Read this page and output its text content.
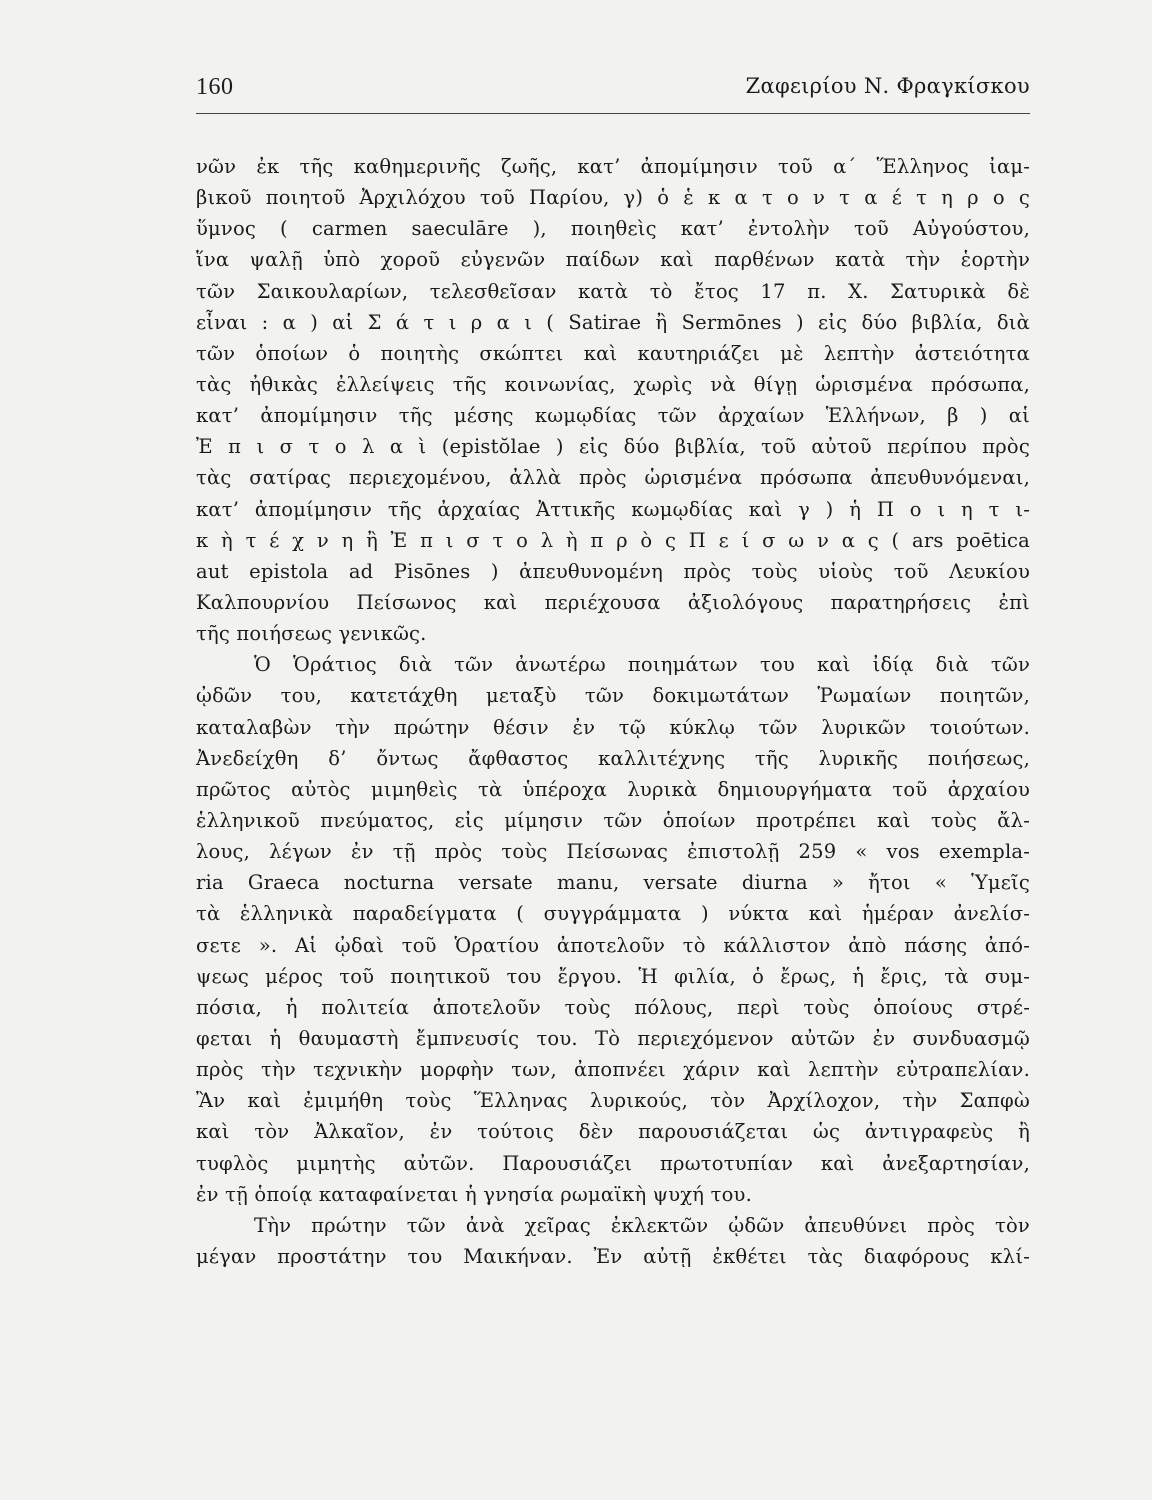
160	Ζαφειρίου Ν. Φραγκίσκου
νῶν ἐκ τῆς καθημερινῆς ζωῆς, κατ’ ἀπομίμησιν τοῦ α΄ Ἕλληνος ἰαμ-
βικοῦ ποιητοῦ Ἀρχιλόχου τοῦ Παρίου, γ) ὁ ἑ κ α τ ο ν τ α έ τ η ρ ο ς
ὕμνος ( carmen saeculāre ), ποιηθεὶς κατ’ ἐντολὴν τοῦ Αὐγούστου,
ἵνα ψαλῇ ὑπὸ χοροῦ εὐγενῶν παίδων καὶ παρθένων κατὰ τὴν ἑορτὴν
τῶν Σαικουλαρίων, τελεσθεῖσαν κατὰ τὸ ἔτος 17 π. Χ. Σατυρικὰ δὲ
εἶναι : α ) αἱ Σ ά τ ι ρ α ι ( Satirae ἢ Sermōnes ) εἰς δύο βιβλία, διὰ
τῶν ὁποίων ὁ ποιητὴς σκώπτει καὶ καυτηριάζει μὲ λεπτὴν ἀστειότητα
τὰς ἠθικὰς ἐλλείψεις τῆς κοινωνίας, χωρὶς νὰ θίγῃ ὡρισμένα πρόσωπα,
κατ’ ἀπομίμησιν τῆς μέσης κωμῳδίας τῶν ἀρχαίων Ἑλλήνων, β ) αἱ
Ἐ π ι σ τ ο λ α ὶ (epistŏlae ) εἰς δύο βιβλία, τοῦ αὐτοῦ περίπου πρὸς
τὰς σατίρας περιεχομένου, ἀλλὰ πρὸς ὡρισμένα πρόσωπα ἀπευθυνόμεναι,
κατ’ ἀπομίμησιν τῆς ἀρχαίας Ἀττικῆς κωμῳδίας καὶ γ ) ἡ Π ο ι η τ ι-
κ ὴ τ έ χ ν η ἢ Ἐ π ι σ τ ο λ ὴ π ρ ὸ ς Π ε ί σ ω ν α ς ( ars poētica
aut epistola ad Pisōnes ) ἀπευθυνομένη πρὸς τοὺς υἱοὺς τοῦ Λευκίου
Καλπουρνίου Πείσωνος καὶ περιέχουσα ἀξιολόγους παρατηρήσεις ἐπὶ
τῆς ποιήσεως γενικῶς.
Ὁ Ὁράτιος διὰ τῶν ἀνωτέρω ποιημάτων του καὶ ἰδίᾳ διὰ τῶν
ᾠδῶν του, κατετάχθη μεταξὺ τῶν δοκιμωτάτων Ῥωμαίων ποιητῶν,
καταλαβὼν τὴν πρώτην θέσιν ἐν τῷ κύκλῳ τῶν λυρικῶν τοιούτων.
Ἀνεδείχθη δ’ ὄντως ἄφθαστος καλλιτέχνης τῆς λυρικῆς ποιήσεως,
πρῶτος αὐτὸς μιμηθεὶς τὰ ὑπέροχα λυρικὰ δημιουργήματα τοῦ ἀρχαίου
ἑλληνικοῦ πνεύματος, εἰς μίμησιν τῶν ὁποίων προτρέπει καὶ τοὺς ἄλ-
λους, λέγων ἐν τῇ πρὸς τοὺς Πείσωνας ἐπιστολῇ 259 « vos exempla-
ria Graeca nocturna versate manu, versate diurna » ἤτοι « Ὑμεῖς
τὰ ἑλληνικὰ παραδείγματα ( συγγράμματα ) νύκτα καὶ ἡμέραν ἀνελίσ-
σετε ». Αἱ ᾠδαὶ τοῦ Ὁρατίου ἀποτελοῦν τὸ κάλλιστον ἀπὸ πάσης ἀπό-
ψεως μέρος τοῦ ποιητικοῦ του ἔργου. Ἡ φιλία, ὁ ἔρως, ἡ ἔρις, τὰ συμ-
πόσια, ἡ πολιτεία ἀποτελοῦν τοὺς πόλους, περὶ τοὺς ὁποίους στρέ-
φεται ἡ θαυμαστὴ ἔμπνευσίς του. Τὸ περιεχόμενον αὐτῶν ἐν συνδυασμῷ
πρὸς τὴν τεχνικὴν μορφὴν των, ἀποπνέει χάριν καὶ λεπτὴν εὐτραπελίαν.
Ἂν καὶ ἐμιμήθη τοὺς Ἕλληνας λυρικούς, τὸν Ἀρχίλοχον, τὴν Σαπφὼ
καὶ τὸν Ἀλκαῖον, ἐν τούτοις δὲν παρουσιάζεται ὡς ἀντιγραφεὺς ἢ
τυφλὸς μιμητὴς αὐτῶν. Παρουσιάζει πρωτοτυπίαν καὶ ἀνεξαρτησίαν,
ἐν τῇ ὁποίᾳ καταφαίνεται ἡ γνησία ρωμαϊκὴ ψυχή του.
Τὴν πρώτην τῶν ἀνὰ χεῖρας ἐκλεκτῶν ᾠδῶν ἀπευθύνει πρὸς τὸν
μέγαν προστάτην του Μαικήναν. Ἐν αὐτῇ ἐκθέτει τὰς διαφόρους κλί-
